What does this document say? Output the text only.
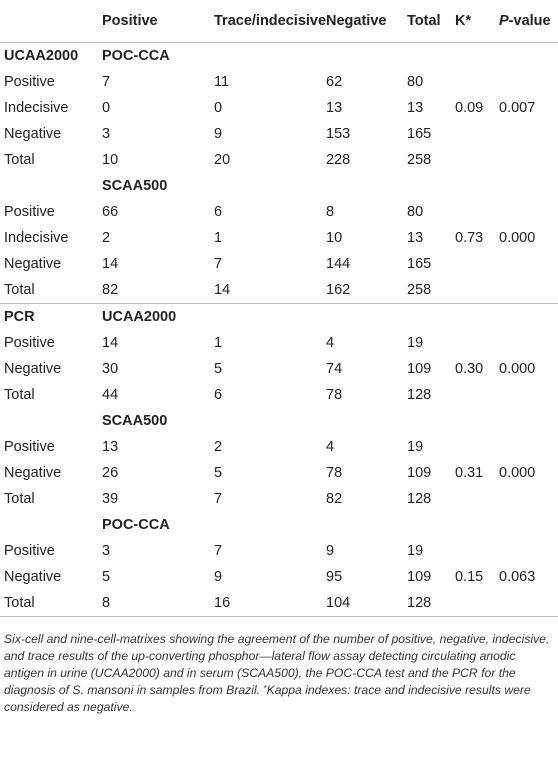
	Positive	Trace/indecisive	Negative	Total	K*	P-value
UCAA2000	POC-CCA					
Positive	7	11	62	80		
Indecisive	0	0	13	13	0.09	0.007
Negative	3	9	153	165		
Total	10	20	228	258		
	SCAA500					
Positive	66	6	8	80		
Indecisive	2	1	10	13	0.73	0.000
Negative	14	7	144	165		
Total	82	14	162	258		
PCR	UCAA2000					
Positive	14	1	4	19		
Negative	30	5	74	109	0.30	0.000
Total	44	6	78	128		
	SCAA500					
Positive	13	2	4	19		
Negative	26	5	78	109	0.31	0.000
Total	39	7	82	128		
	POC-CCA					
Positive	3	7	9	19		
Negative	5	9	95	109	0.15	0.063
Total	8	16	104	128		
Six-cell and nine-cell-matrixes showing the agreement of the number of positive, negative, indecisive, and trace results of the up-converting phosphor—lateral flow assay detecting circulating anodic antigen in urine (UCAA2000) and in serum (SCAA500), the POC-CCA test and the PCR for the diagnosis of S. mansoni in samples from Brazil. *Kappa indexes: trace and indecisive results were considered as negative.
